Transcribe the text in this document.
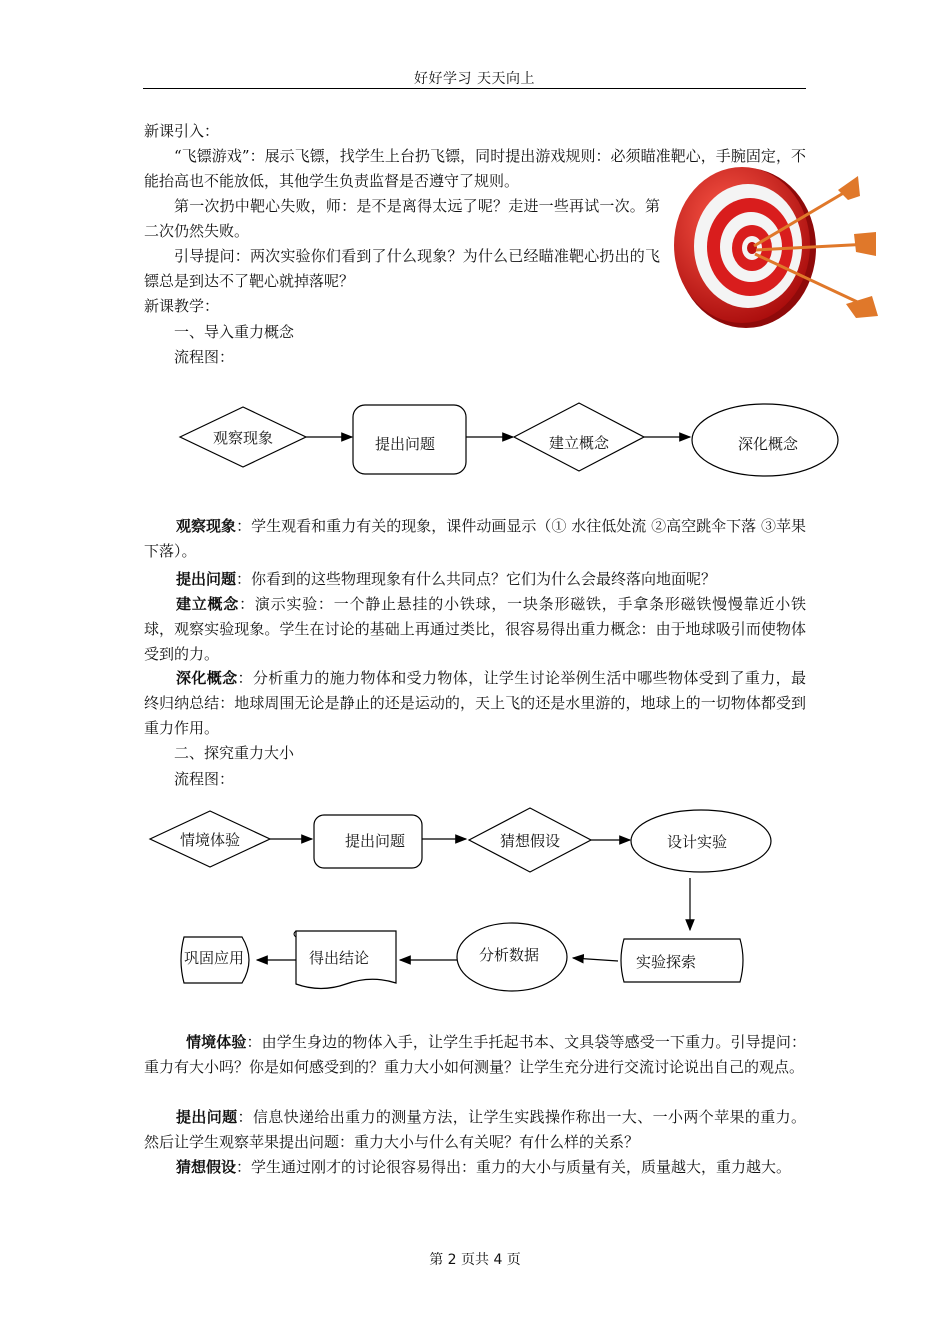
好好学习 天天向上

新课引入：

“飞镖游戏”：展示飞镖，找学生上台扔飞镖，同时提出游戏规则：必须瞄准靶心，手腕固定，不能抬高也不能放低，其他学生负责监督是否遵守了规则。

第一次扔中靶心失败，师：是不是离得太远了呢？走进一些再试一次。第二次仍然失败。

引导提问：两次实验你们看到了什么现象？为什么已经瞄准靶心扔出的飞镖总是到达不了靶心就掉落呢？

新课教学：

一、导入重力概念

流程图：

观察现象	提出问题	建立概念	深化概念

观察现象：学生观看和重力有关的现象，课件动画显示（① 水往低处流 ②高空跳伞下落 ③苹果下落）。

提出问题：你看到的这些物理现象有什么共同点？它们为什么会最终落向地面呢？

建立概念：演示实验：一个静止悬挂的小铁球，一块条形磁铁，手拿条形磁铁慢慢靠近小铁球，观察实验现象。学生在讨论的基础上再通过类比，很容易得出重力概念：由于地球吸引而使物体受到的力。

深化概念：分析重力的施力物体和受力物体，让学生讨论举例生活中哪些物体受到了重力，最终归纳总结：地球周围无论是静止的还是运动的，天上飞的还是水里游的，地球上的一切物体都受到重力作用。

二、探究重力大小

流程图：

情境体验	提出问题	猜想假设	设计实验
实验探索
分析数据
得出结论
巩固应用

情境体验：由学生身边的物体入手，让学生手托起书本、文具袋等感受一下重力。引导提问：重力有大小吗？你是如何感受到的？重力大小如何测量？让学生充分进行交流讨论说出自己的观点。

提出问题：信息快递给出重力的测量方法，让学生实践操作称出一大、一小两个苹果的重力。然后让学生观察苹果提出问题：重力大小与什么有关呢？有什么样的关系？

猜想假设：学生通过刚才的讨论很容易得出：重力的大小与质量有关，质量越大，重力越大。

第 2 页共 4 页
